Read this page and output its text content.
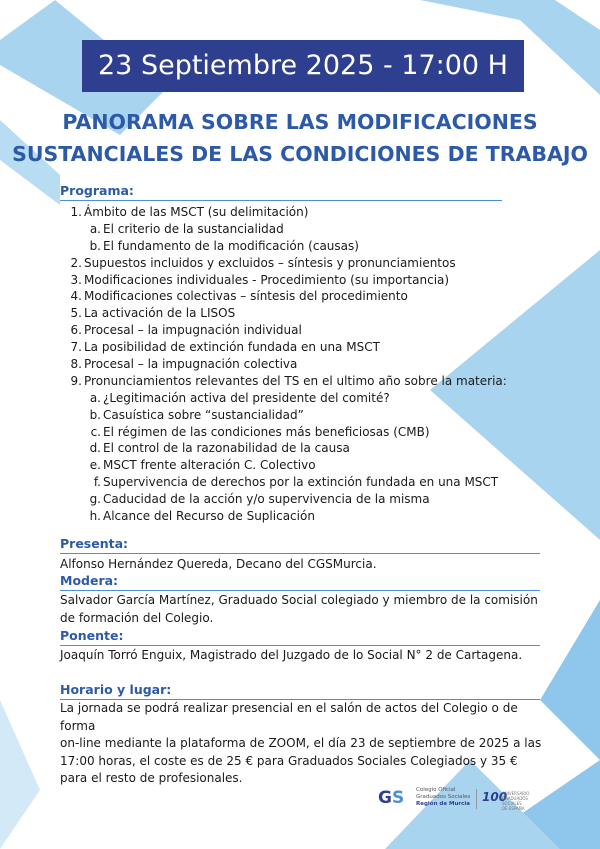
23 Septiembre 2025 - 17:00 H
PANORAMA SOBRE LAS MODIFICACIONES
SUSTANCIALES DE LAS CONDICIONES DE TRABAJO
Programa:
1. Ámbito de las MSCT (su delimitación)
a. El criterio de la sustancialidad
b. El fundamento de la modificación (causas)
2. Supuestos incluidos y excluidos – síntesis y pronunciamientos
3. Modificaciones individuales - Procedimiento (su importancia)
4. Modificaciones colectivas – síntesis del procedimiento
5. La activación de la LISOS
6. Procesal – la impugnación individual
7. La posibilidad de extinción fundada en una MSCT
8. Procesal – la impugnación colectiva
9. Pronunciamientos relevantes del TS en el ultimo año sobre la materia:
a. ¿Legitimación activa del presidente del comité?
b. Casuística sobre “sustancialidad”
c. El régimen de las condiciones más beneficiosas (CMB)
d. El control de la razonabilidad de la causa
e. MSCT frente alteración C. Colectivo
f. Supervivencia de derechos por la extinción fundada en una MSCT
g. Caducidad de la acción y/o supervivencia de la misma
h. Alcance del Recurso de Suplicación
Presenta:
Alfonso Hernández Quereda, Decano del CGSMurcia.
Modera:
Salvador García Martínez, Graduado Social colegiado y miembro de la comisión
de formación del Colegio.
Ponente:
Joaquín Torró Enguix, Magistrado del Juzgado de lo Social N° 2 de Cartagena.
Horario y lugar:
La jornada se podrá realizar presencial en el salón de actos del Colegio o de forma
on-line mediante la plataforma de ZOOM, el día 23 de septiembre de 2025 a las
17:00 horas, el coste es de 25 € para Graduados Sociales Colegiados y 35 €
para el resto de profesionales.
GS Colegio Oficial
Graduados Sociales
Región de Murcia 100
ANIVERSARIO
GRADUADOS SOCIALES
DE ESPAÑA
